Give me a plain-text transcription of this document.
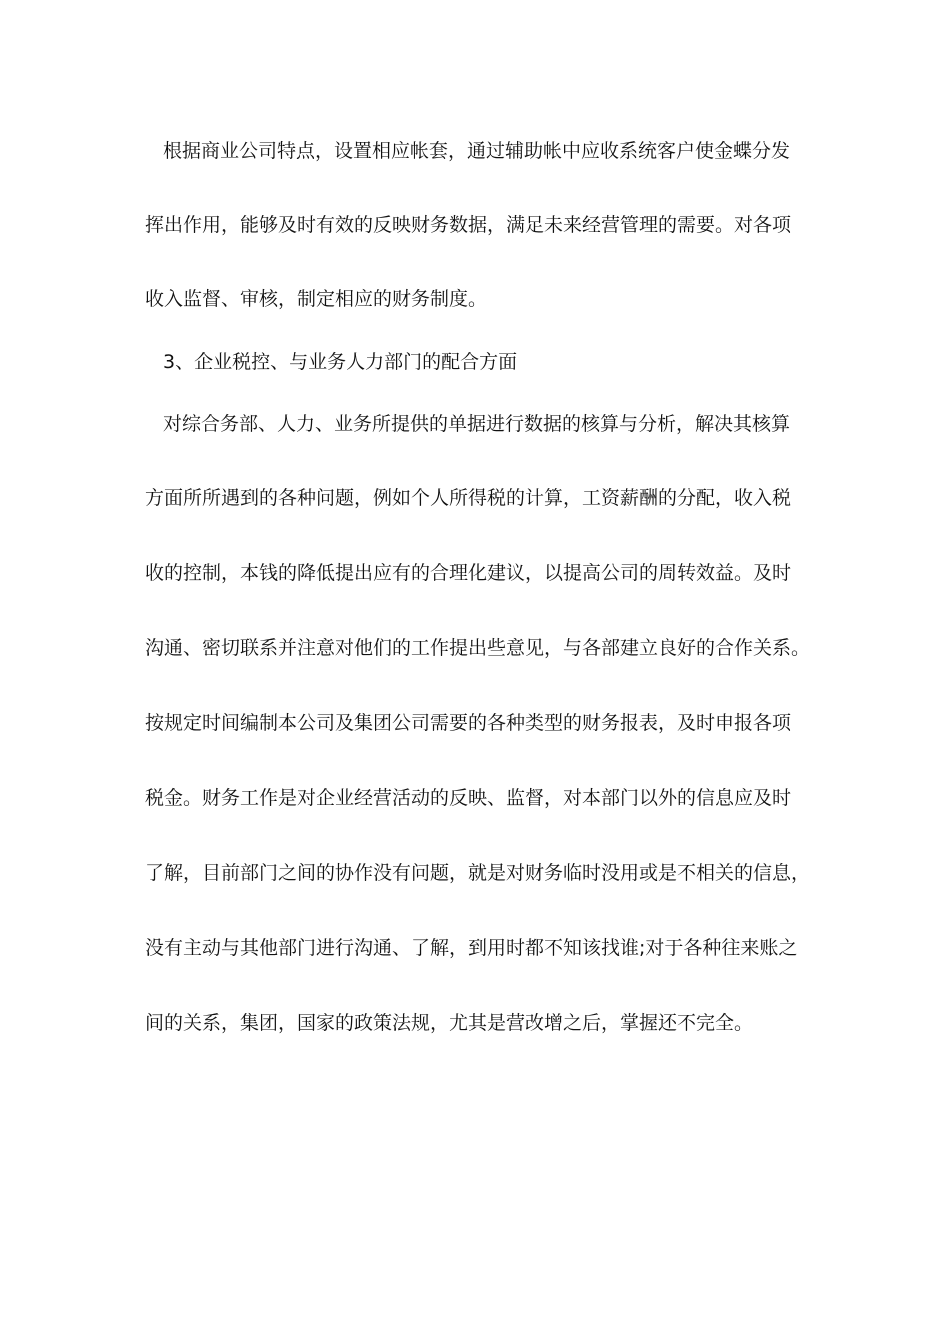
根据商业公司特点，设置相应帐套，通过辅助帐中应收系统客户使金蝶分发
挥出作用，能够及时有效的反映财务数据，满足未来经营管理的需要。对各项
收入监督、审核，制定相应的财务制度。
3、企业税控、与业务人力部门的配合方面
对综合务部、人力、业务所提供的单据进行数据的核算与分析，解决其核算
方面所所遇到的各种问题，例如个人所得税的计算，工资薪酬的分配，收入税
收的控制，本钱的降低提出应有的合理化建议，以提高公司的周转效益。及时
沟通、密切联系并注意对他们的工作提出些意见，与各部建立良好的合作关系。
按规定时间编制本公司及集团公司需要的各种类型的财务报表，及时申报各项
税金。财务工作是对企业经营活动的反映、监督，对本部门以外的信息应及时
了解，目前部门之间的协作没有问题，就是对财务临时没用或是不相关的信息，
没有主动与其他部门进行沟通、了解，到用时都不知该找谁;对于各种往来账之
间的关系，集团，国家的政策法规，尤其是营改增之后，掌握还不完全。
